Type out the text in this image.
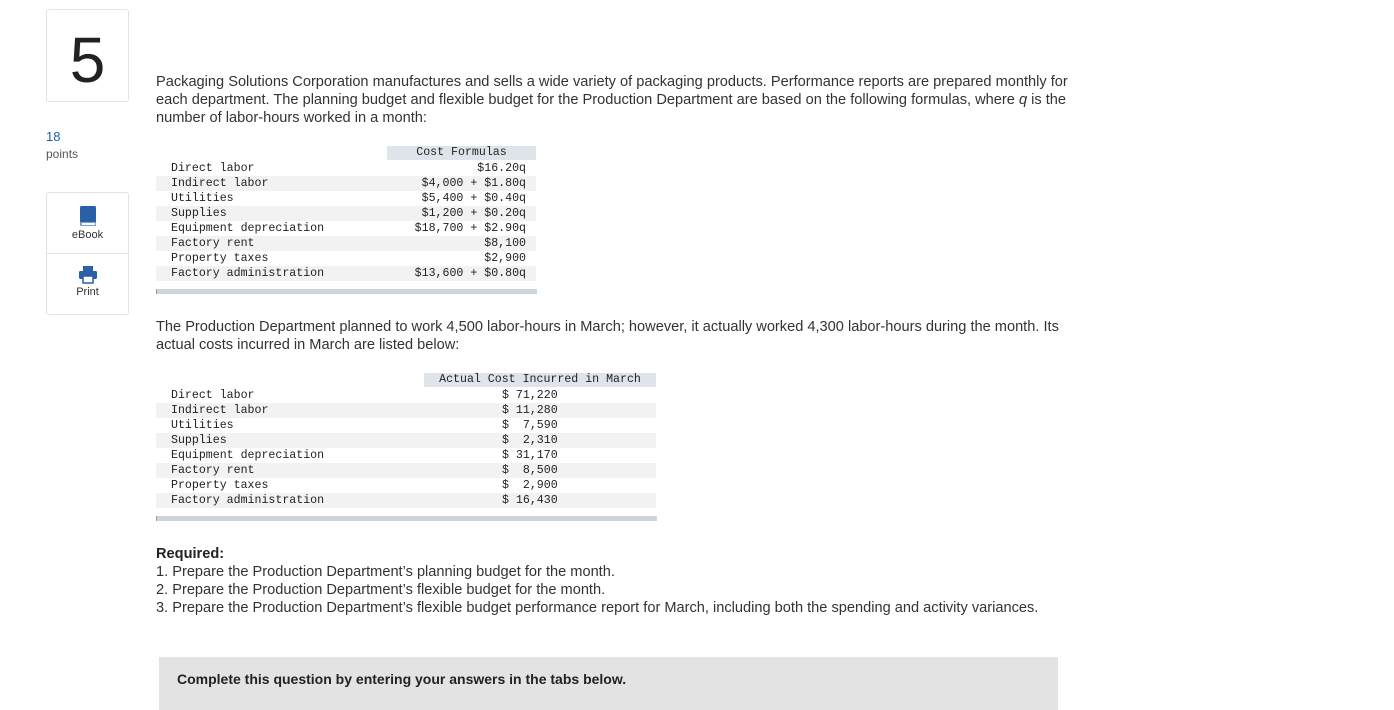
5
18
points
eBook
Print
Packaging Solutions Corporation manufactures and sells a wide variety of packaging products. Performance reports are prepared monthly for each department. The planning budget and flexible budget for the Production Department are based on the following formulas, where q is the number of labor-hours worked in a month:
Cost Formulas
Direct labor	$16.20q
Indirect labor	$4,000 + $1.80q
Utilities	$5,400 + $0.40q
Supplies	$1,200 + $0.20q
Equipment depreciation	$18,700 + $2.90q
Factory rent	$8,100
Property taxes	$2,900
Factory administration	$13,600 + $0.80q
The Production Department planned to work 4,500 labor-hours in March; however, it actually worked 4,300 labor-hours during the month. Its actual costs incurred in March are listed below:
Actual Cost Incurred in March
Direct labor	$ 71,220
Indirect labor	$ 11,280
Utilities	$  7,590
Supplies	$  2,310
Equipment depreciation	$ 31,170
Factory rent	$  8,500
Property taxes	$  2,900
Factory administration	$ 16,430
Required:
1. Prepare the Production Department’s planning budget for the month.
2. Prepare the Production Department’s flexible budget for the month.
3. Prepare the Production Department’s flexible budget performance report for March, including both the spending and activity variances.
Complete this question by entering your answers in the tabs below.
